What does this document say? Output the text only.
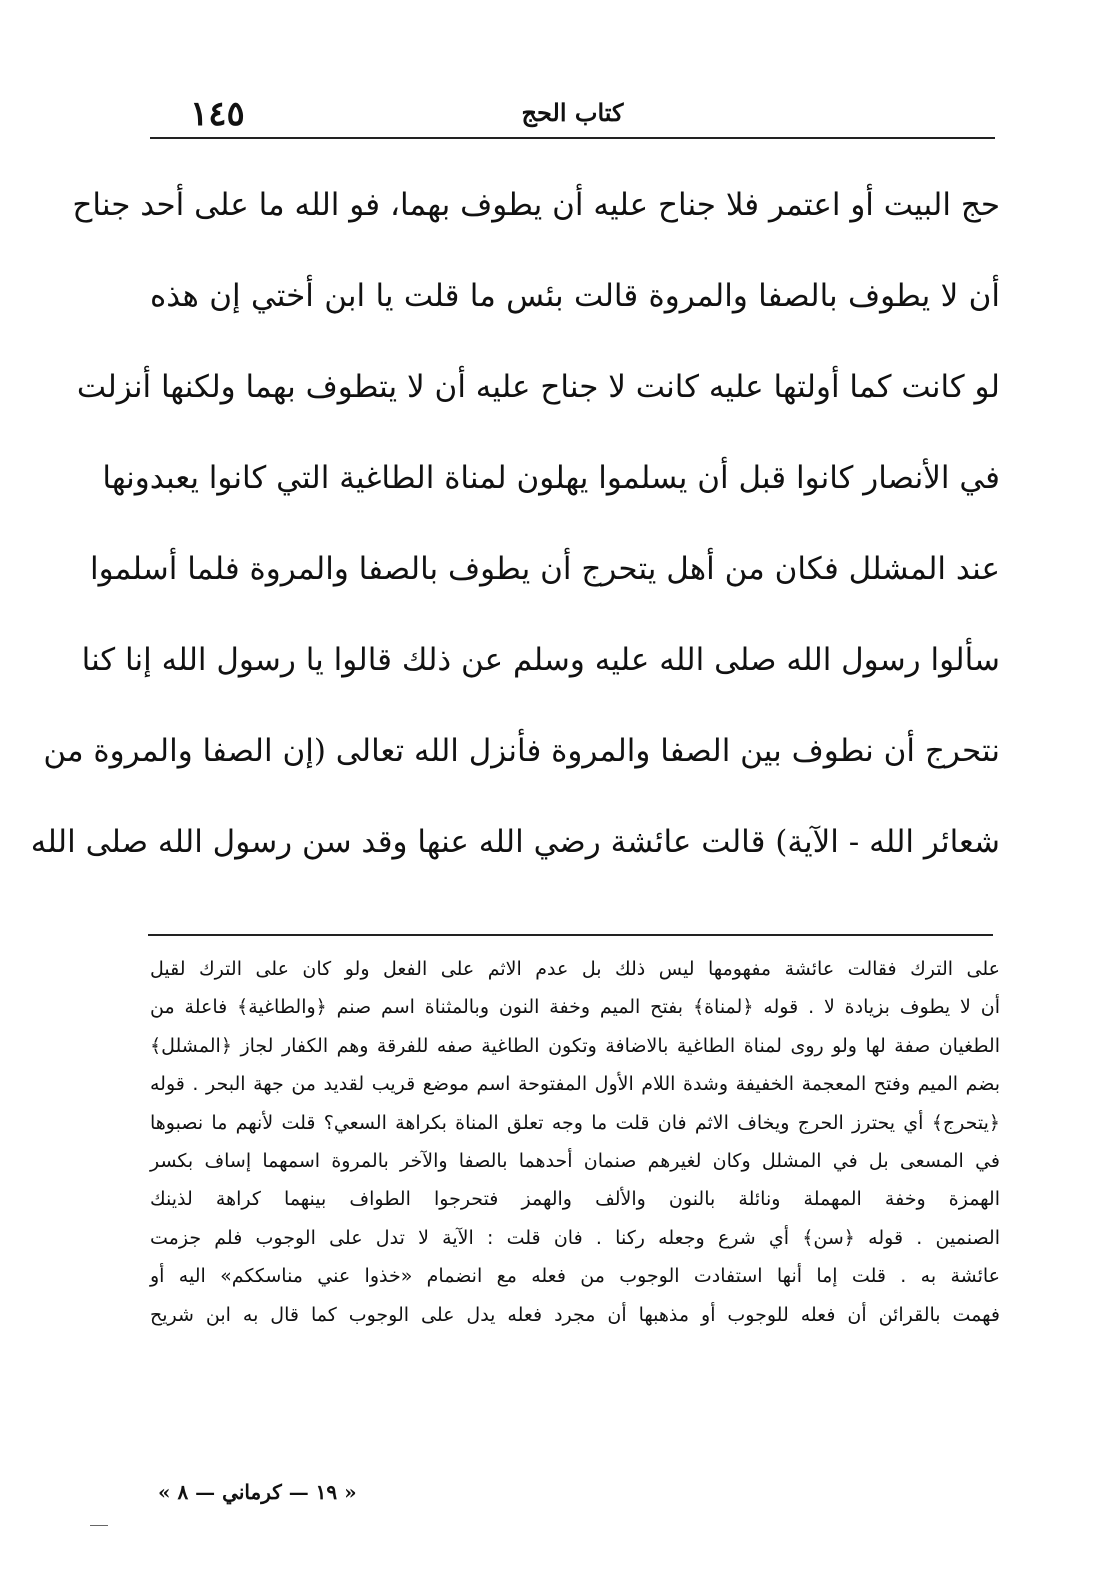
١٤٥	كتاب الحج
حج البيت أو اعتمر فلا جناح عليه أن يطوف بهما، فو الله ما على أحد جناح
أن لا يطوف بالصفا والمروة قالت بئس ما قلت يا ابن أختي إن هذه
لو كانت كما أولتها عليه كانت لا جناح عليه أن لا يتطوف بهما ولكنها أنزلت
في الأنصار كانوا قبل أن يسلموا يهلون لمناة الطاغية التي كانوا يعبدونها
عند المشلل فكان من أهل يتحرج أن يطوف بالصفا والمروة فلما أسلموا
سألوا رسول الله صلى الله عليه وسلم عن ذلك قالوا يا رسول الله إنا كنا
نتحرج أن نطوف بين الصفا والمروة فأنزل الله تعالى (إن الصفا والمروة من
شعائر الله - الآية) قالت عائشة رضي الله عنها وقد سن رسول الله صلى الله
على الترك فقالت عائشة مفهومها ليس ذلك بل عدم الاثم على الفعل ولو كان على الترك لقيل
أن لا يطوف بزيادة لا . قوله ﴿لمناة﴾ بفتح الميم وخفة النون وبالمثناة اسم صنم ﴿والطاغية﴾ فاعلة من
الطغيان صفة لها ولو روى لمناة الطاغية بالاضافة وتكون الطاغية صفه للفرقة وهم الكفار لجاز ﴿المشلل﴾
بضم الميم وفتح المعجمة الخفيفة وشدة اللام الأول المفتوحة اسم موضع قريب لقديد من جهة البحر . قوله
﴿يتحرج﴾ أي يحترز الحرج ويخاف الاثم فان قلت ما وجه تعلق المناة بكراهة السعي؟ قلت لأنهم ما نصبوها
في المسعى بل في المشلل وكان لغيرهم صنمان أحدهما بالصفا والآخر بالمروة اسمهما إساف بكسر
الهمزة وخفة المهملة ونائلة بالنون والألف والهمز فتحرجوا الطواف بينهما كراهة لذينك
الصنمين . قوله ﴿سن﴾ أي شرع وجعله ركنا . فان قلت : الآية لا تدل على الوجوب فلم جزمت
عائشة به . قلت إما أنها استفادت الوجوب من فعله مع انضمام «خذوا عني مناسككم» اليه أو
فهمت بالقرائن أن فعله للوجوب أو مذهبها أن مجرد فعله يدل على الوجوب كما قال به ابن شريح
« ١٩ — كرماني — ٨ »
